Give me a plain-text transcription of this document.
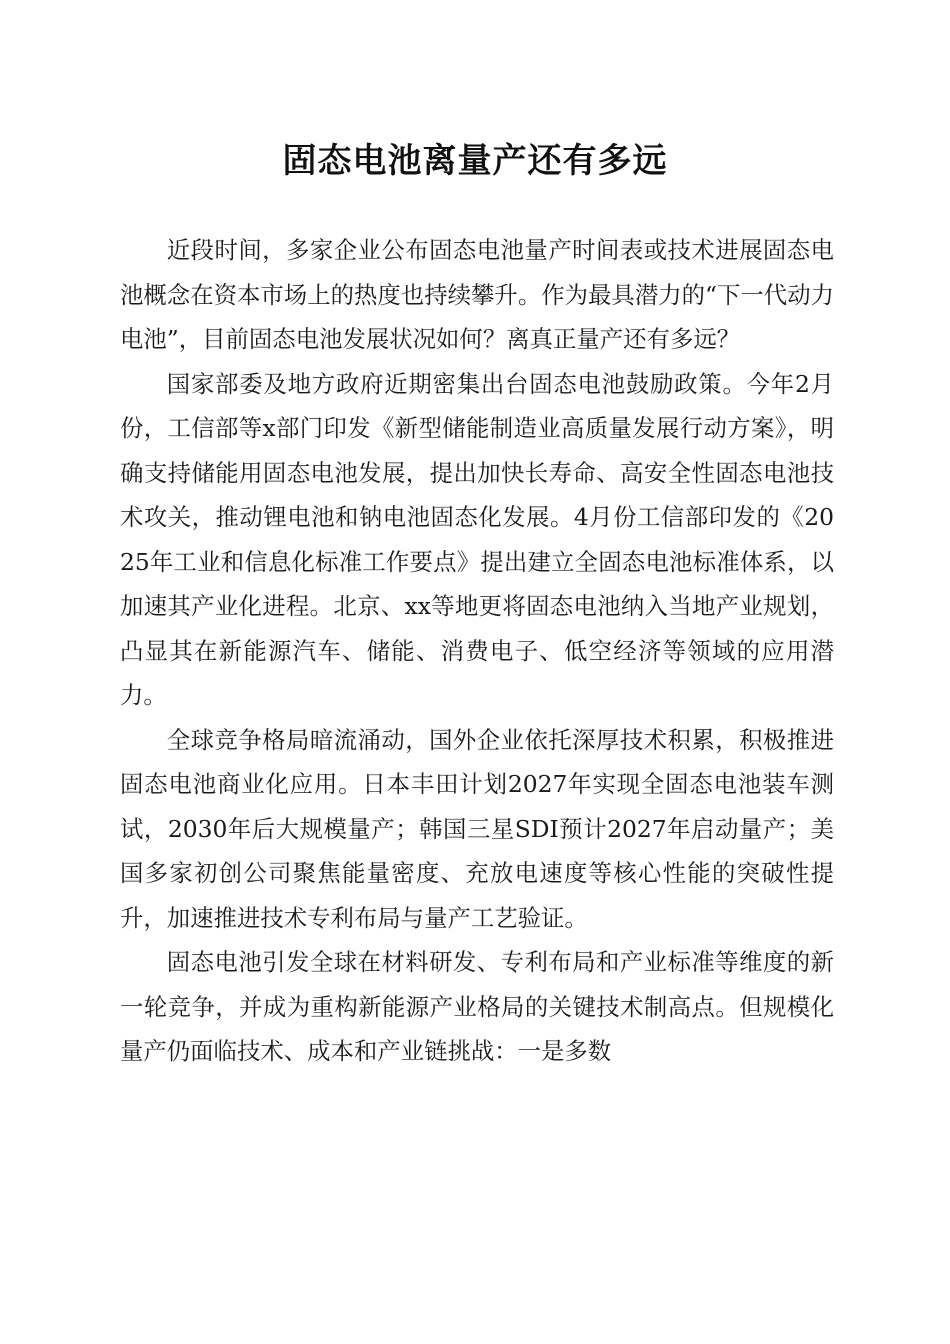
固态电池离量产还有多远

近段时间，多家企业公布固态电池量产时间表或技术进展固态电池概念在资本市场上的热度也持续攀升。作为最具潜力的“下一代动力电池”，目前固态电池发展状况如何？离真正量产还有多远？

国家部委及地方政府近期密集出台固态电池鼓励政策。今年2月份，工信部等x部门印发《新型储能制造业高质量发展行动方案》，明确支持储能用固态电池发展，提出加快长寿命、高安全性固态电池技术攻关，推动锂电池和钠电池固态化发展。4月份工信部印发的《2025年工业和信息化标准工作要点》提出建立全固态电池标准体系，以加速其产业化进程。北京、xx等地更将固态电池纳入当地产业规划，凸显其在新能源汽车、储能、消费电子、低空经济等领域的应用潜力。

全球竞争格局暗流涌动，国外企业依托深厚技术积累，积极推进固态电池商业化应用。日本丰田计划2027年实现全固态电池装车测试，2030年后大规模量产；韩国三星SDI预计2027年启动量产；美国多家初创公司聚焦能量密度、充放电速度等核心性能的突破性提升，加速推进技术专利布局与量产工艺验证。

固态电池引发全球在材料研发、专利布局和产业标准等维度的新一轮竞争，并成为重构新能源产业格局的关键技术制高点。但规模化量产仍面临技术、成本和产业链挑战：一是多数
